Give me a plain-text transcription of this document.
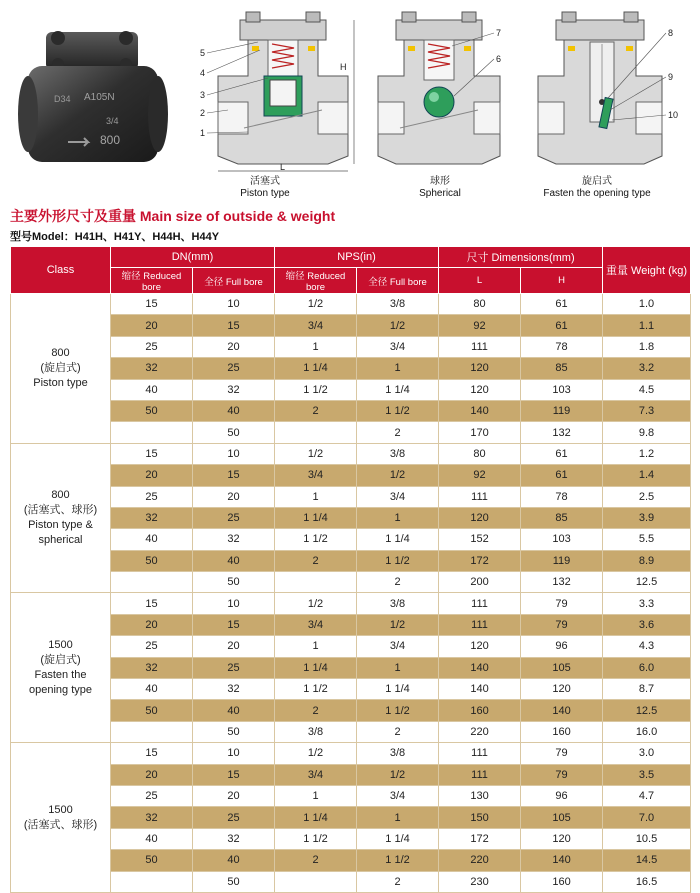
D34 A105N
3/4
800
H
L
5
4
3
2
1
7
6
8
9
10
活塞式
Piston type
球形
Spherical
旋启式
Fasten the opening type
主要外形尺寸及重量 Main size of outside & weight
型号Model：H41H、H41Y、H44H、H44Y
Class	DN(mm)		NPS(in)		尺寸 Dimensions(mm)		重量 Weight (kg)
	缩径 Reduced bore	全径 Full bore	缩径 Reduced bore	全径 Full bore	L	H	

800
(旋启式)
Piston type	15	10	1/2	3/8	80	61	1.0
	20	15	3/4	1/2	92	61	1.1
	25	20	1	3/4	111	78	1.8
	32	25	1 1/4	1	120	85	3.2
	40	32	1 1/2	1 1/4	120	103	4.5
	50	40	2	1 1/2	140	119	7.3
		50		2	170	132	9.8

800
(活塞式、球形)
Piston type &
spherical	15	10	1/2	3/8	80	61	1.2
	20	15	3/4	1/2	92	61	1.4
	25	20	1	3/4	111	78	2.5
	32	25	1 1/4	1	120	85	3.9
	40	32	1 1/2	1 1/4	152	103	5.5
	50	40	2	1 1/2	172	119	8.9
		50		2	200	132	12.5

1500
(旋启式)
Fasten the
opening type	15	10	1/2	3/8	111	79	3.3
	20	15	3/4	1/2	111	79	3.6
	25	20	1	3/4	120	96	4.3
	32	25	1 1/4	1	140	105	6.0
	40	32	1 1/2	1 1/4	140	120	8.7
	50	40	2	1 1/2	160	140	12.5
		50	3/8	2	220	160	16.0

1500
(活塞式、球形)	15	10	1/2	3/8	111	79	3.0
	20	15	3/4	1/2	111	79	3.5
	25	20	1	3/4	130	96	4.7
	32	25	1 1/4	1	150	105	7.0
	40	32	1 1/2	1 1/4	172	120	10.5
	50	40	2	1 1/2	220	140	14.5
		50		2	230	160	16.5
